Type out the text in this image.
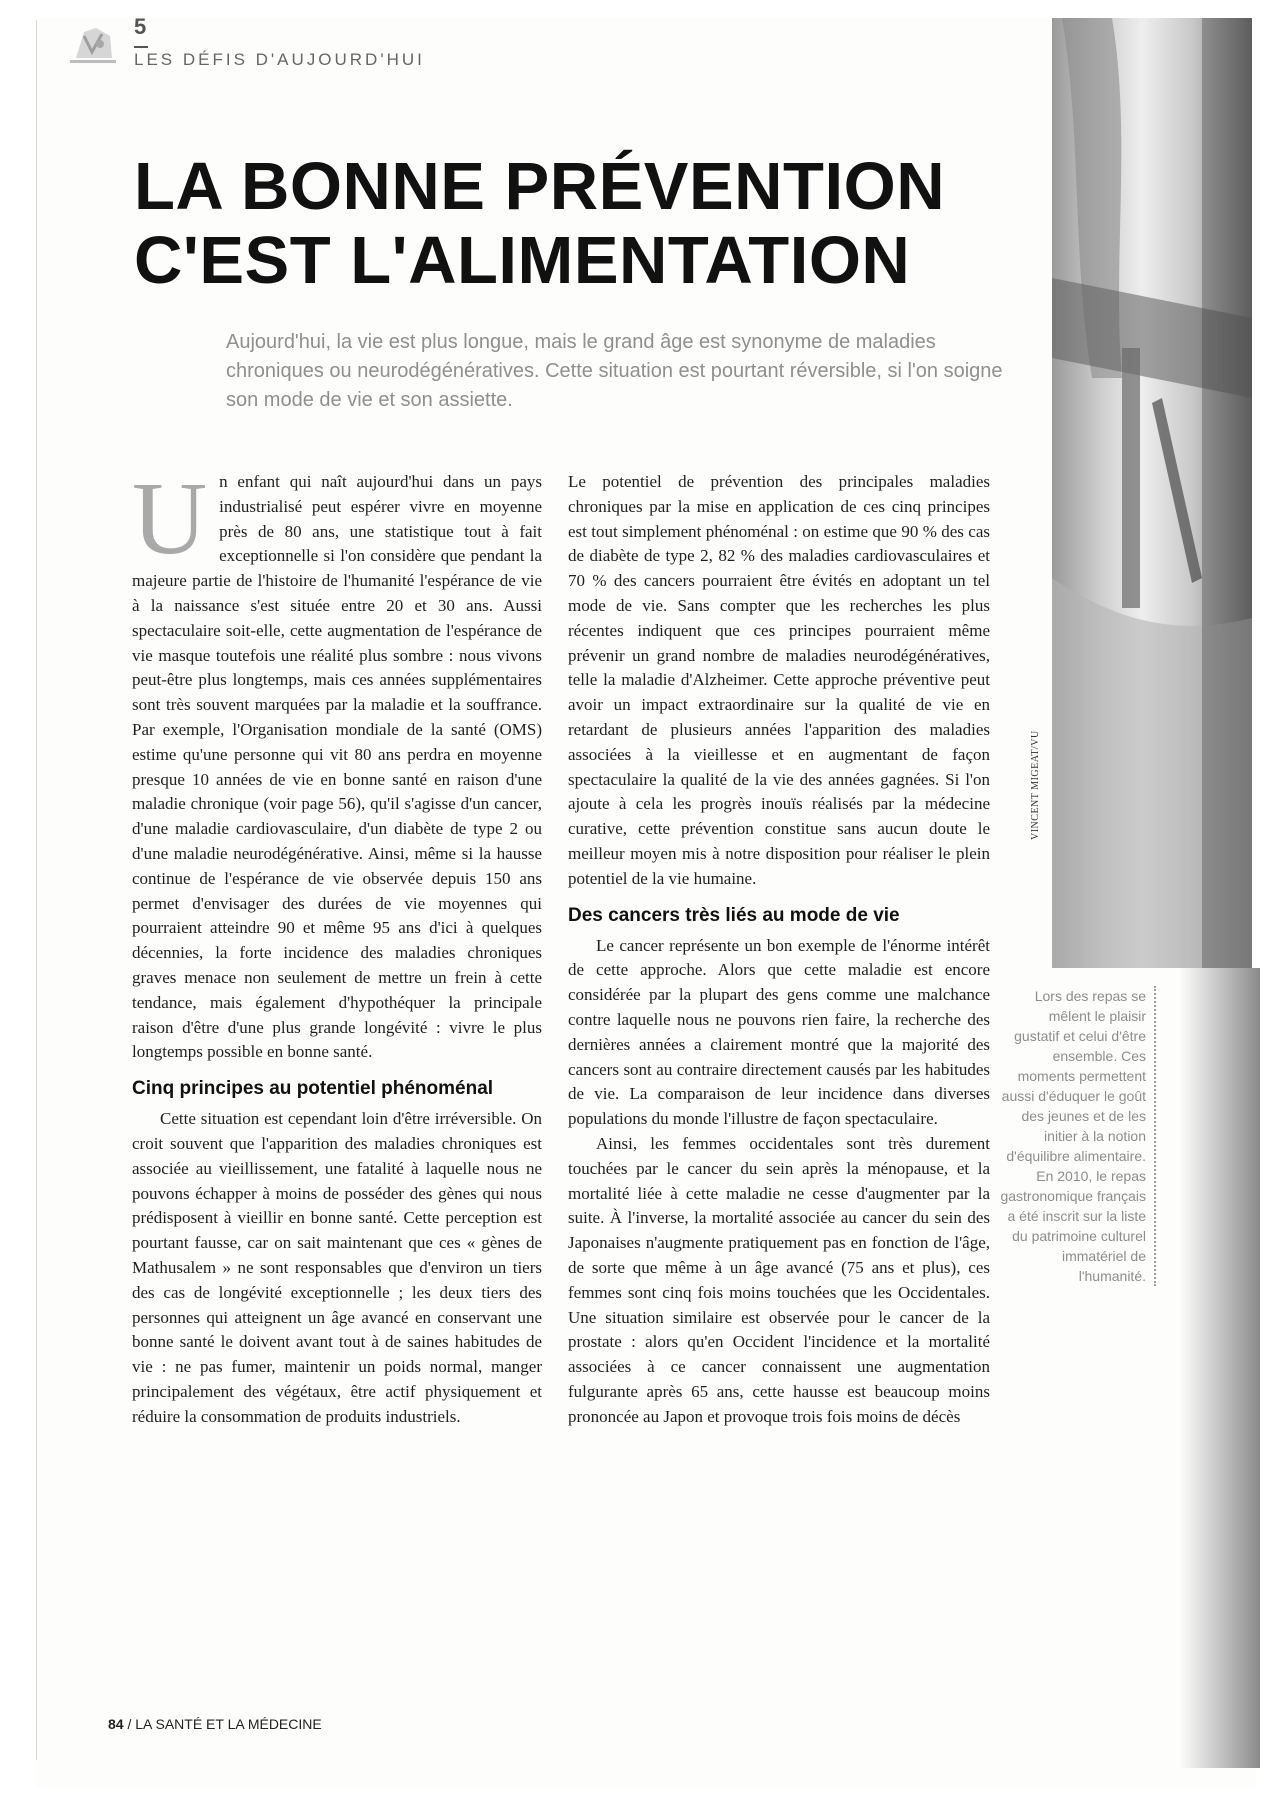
5
LES DÉFIS D'AUJOURD'HUI
VINCENT MIGEAT/VU
LA BONNE PRÉVENTION
C'EST L'ALIMENTATION

Aujourd'hui, la vie est plus longue, mais le grand âge est synonyme de maladies chroniques ou neurodégénératives. Cette situation est pourtant réversible, si l'on soigne son mode de vie et son assiette.

Un enfant qui naît aujourd'hui dans un pays industrialisé peut espérer vivre en moyenne près de 80 ans, une statistique tout à fait exceptionnelle si l'on considère que pendant la majeure partie de l'histoire de l'humanité l'espérance de vie à la naissance s'est située entre 20 et 30 ans. Aussi spectaculaire soit-elle, cette augmentation de l'espérance de vie masque toutefois une réalité plus sombre : nous vivons peut-être plus longtemps, mais ces années supplémentaires sont très souvent marquées par la maladie et la souffrance. Par exemple, l'Organisation mondiale de la santé (OMS) estime qu'une personne qui vit 80 ans perdra en moyenne presque 10 années de vie en bonne santé en raison d'une maladie chronique (voir page 56), qu'il s'agisse d'un cancer, d'une maladie cardiovasculaire, d'un diabète de type 2 ou d'une maladie neurodégénérative. Ainsi, même si la hausse continue de l'espérance de vie observée depuis 150 ans permet d'envisager des durées de vie moyennes qui pourraient atteindre 90 et même 95 ans d'ici à quelques décennies, la forte incidence des maladies chroniques graves menace non seulement de mettre un frein à cette tendance, mais également d'hypothéquer la principale raison d'être d'une plus grande longévité : vivre le plus longtemps possible en bonne santé.

Cinq principes au potentiel phénoménal

Cette situation est cependant loin d'être irréversible. On croit souvent que l'apparition des maladies chroniques est associée au vieillissement, une fatalité à laquelle nous ne pouvons échapper à moins de posséder des gènes qui nous prédisposent à vieillir en bonne santé. Cette perception est pourtant fausse, car on sait maintenant que ces « gènes de Mathusalem » ne sont responsables que d'environ un tiers des cas de longévité exceptionnelle ; les deux tiers des personnes qui atteignent un âge avancé en conservant une bonne santé le doivent avant tout à de saines habitudes de vie : ne pas fumer, maintenir un poids normal, manger principalement des végétaux, être actif physiquement et réduire la consommation de produits industriels.

Le potentiel de prévention des principales maladies chroniques par la mise en application de ces cinq principes est tout simplement phénoménal : on estime que 90 % des cas de diabète de type 2, 82 % des maladies cardiovasculaires et 70 % des cancers pourraient être évités en adoptant un tel mode de vie. Sans compter que les recherches les plus récentes indiquent que ces principes pourraient même prévenir un grand nombre de maladies neurodégénératives, telle la maladie d'Alzheimer. Cette approche préventive peut avoir un impact extraordinaire sur la qualité de vie en retardant de plusieurs années l'apparition des maladies associées à la vieillesse et en augmentant de façon spectaculaire la qualité de la vie des années gagnées. Si l'on ajoute à cela les progrès inouïs réalisés par la médecine curative, cette prévention constitue sans aucun doute le meilleur moyen mis à notre disposition pour réaliser le plein potentiel de la vie humaine.

Des cancers très liés au mode de vie

Le cancer représente un bon exemple de l'énorme intérêt de cette approche. Alors que cette maladie est encore considérée par la plupart des gens comme une malchance contre laquelle nous ne pouvons rien faire, la recherche des dernières années a clairement montré que la majorité des cancers sont au contraire directement causés par les habitudes de vie. La comparaison de leur incidence dans diverses populations du monde l'illustre de façon spectaculaire.

Ainsi, les femmes occidentales sont très durement touchées par le cancer du sein après la ménopause, et la mortalité liée à cette maladie ne cesse d'augmenter par la suite. À l'inverse, la mortalité associée au cancer du sein des Japonaises n'augmente pratiquement pas en fonction de l'âge, de sorte que même à un âge avancé (75 ans et plus), ces femmes sont cinq fois moins touchées que les Occidentales. Une situation similaire est observée pour le cancer de la prostate : alors qu'en Occident l'incidence et la mortalité associées à ce cancer connaissent une augmentation fulgurante après 65 ans, cette hausse est beaucoup moins prononcée au Japon et provoque trois fois moins de décès

Lors des repas se mêlent le plaisir gustatif et celui d'être ensemble. Ces moments permettent aussi d'éduquer le goût des jeunes et de les initier à la notion d'équilibre alimentaire. En 2010, le repas gastronomique français a été inscrit sur la liste du patrimoine culturel immatériel de l'humanité.
84 / LA SANTÉ ET LA MÉDECINE
